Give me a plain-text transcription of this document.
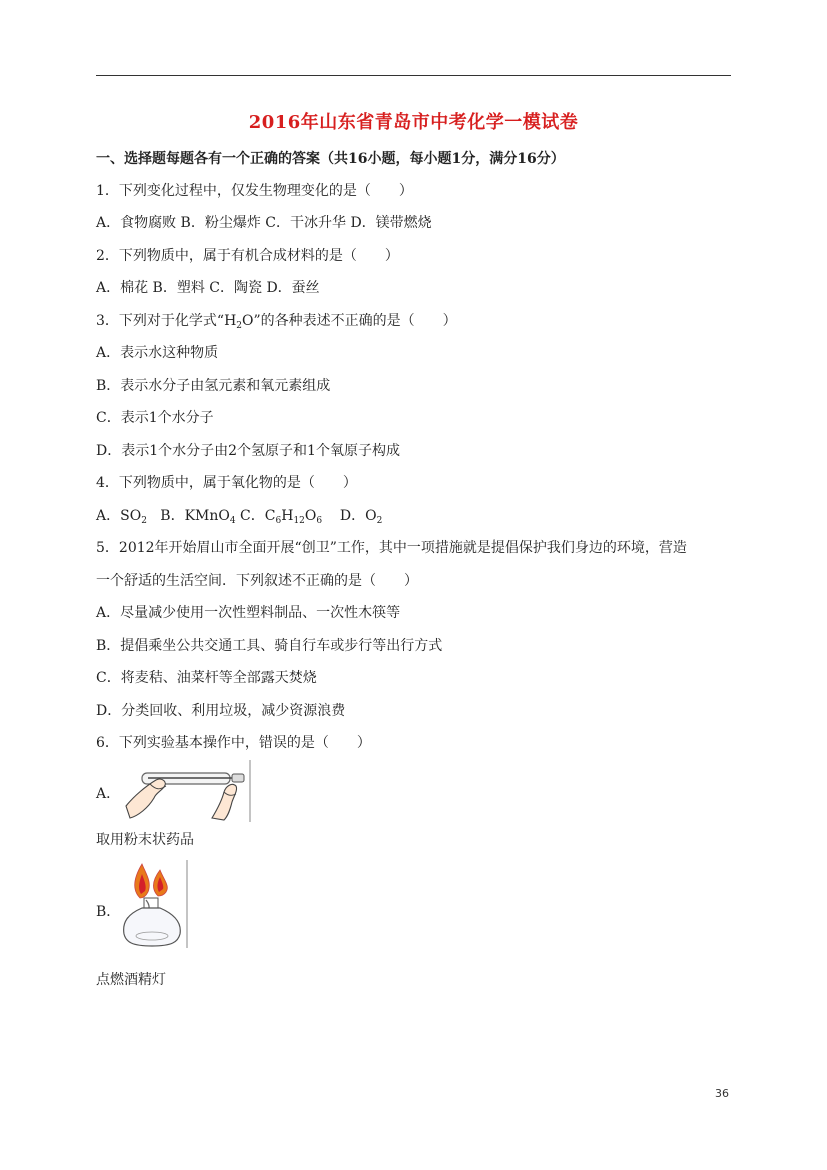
2016年山东省青岛市中考化学一模试卷
一、选择题每题各有一个正确的答案（共16小题，每小题1分，满分16分）
1．下列变化过程中，仅发生物理变化的是（　　）
A．食物腐败 B．粉尘爆炸 C．干冰升华 D．镁带燃烧
2．下列物质中，属于有机合成材料的是（　　）
A．棉花 B．塑料 C．陶瓷 D．蚕丝
3．下列对于化学式“$H_2O$”的各种表述不正确的是（　　）
A．表示水这种物质
B．表示水分子由氢元素和氧元素组成
C．表示1个水分子
D．表示1个水分子由2个氢原子和1个氧原子构成
4．下列物质中，属于氧化物的是（　　）
A．$SO_2$ B．KMnO$_4$ C．$C_6H_{12}O_6$ D．$O_2$
5．2012年开始眉山市全面开展“创卫”工作，其中一项措施就是提倡保护我们身边的环境，营造
一个舒适的生活空间．下列叙述不正确的是（　　）
A．尽量减少使用一次性塑料制品、一次性木筷等
B．提倡乘坐公共交通工具、骑自行车或步行等出行方式
C．将麦秸、油菜杆等全部露天焚烧
D．分类回收、利用垃圾，减少资源浪费
6．下列实验基本操作中，错误的是（　　）
A．
取用粉末状药品
B．
点燃酒精灯
36
